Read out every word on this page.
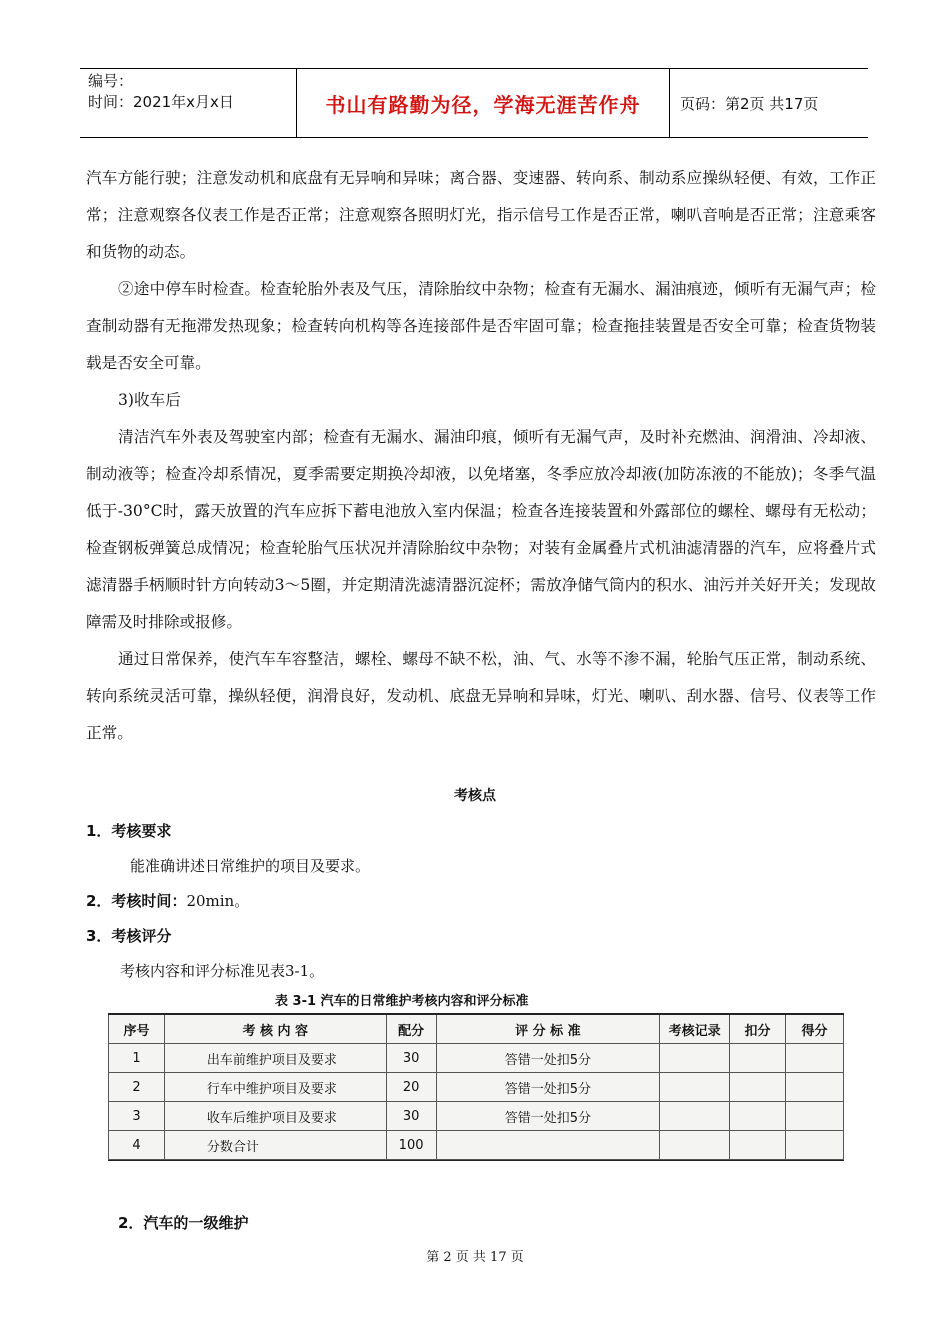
编号：
时间：2021年x月x日	书山有路勤为径，学海无涯苦作舟	页码：第2页 共17页

汽车方能行驶；注意发动机和底盘有无异响和异味；离合器、变速器、转向系、制动系应操纵轻便、有效，工作正常；注意观察各仪表工作是否正常；注意观察各照明灯光，指示信号工作是否正常，喇叭音响是否正常；注意乘客和货物的动态。

②途中停车时检查。检查轮胎外表及气压，清除胎纹中杂物；检查有无漏水、漏油痕迹，倾听有无漏气声；检查制动器有无拖滞发热现象；检查转向机构等各连接部件是否牢固可靠；检查拖挂装置是否安全可靠；检查货物装载是否安全可靠。

3)收车后

清洁汽车外表及驾驶室内部；检查有无漏水、漏油印痕，倾听有无漏气声，及时补充燃油、润滑油、冷却液、制动液等；检查冷却系情况，夏季需要定期换冷却液，以免堵塞，冬季应放冷却液(加防冻液的不能放)；冬季气温低于-30°C时，露天放置的汽车应拆下蓄电池放入室内保温；检查各连接装置和外露部位的螺栓、螺母有无松动；检查钢板弹簧总成情况；检查轮胎气压状况并清除胎纹中杂物；对装有金属叠片式机油滤清器的汽车，应将叠片式滤清器手柄顺时针方向转动3～5圈，并定期清洗滤清器沉淀杯；需放净储气筒内的积水、油污并关好开关；发现故障需及时排除或报修。

通过日常保养，使汽车车容整洁，螺栓、螺母不缺不松，油、气、水等不渗不漏，轮胎气压正常，制动系统、转向系统灵活可靠，操纵轻便，润滑良好，发动机、底盘无异响和异味，灯光、喇叭、刮水器、信号、仪表等工作正常。

考核点
1．考核要求
能准确讲述日常维护的项目及要求。
2．考核时间：20min。
3．考核评分
考核内容和评分标准见表3-1。
表 3-1 汽车的日常维护考核内容和评分标准
序号	考 核 内 容	配分	评 分 标 准	考核记录	扣分	得分
1	出车前维护项目及要求	30	答错一处扣5分			
2	行车中维护项目及要求	20	答错一处扣5分			
3	收车后维护项目及要求	30	答错一处扣5分			
4	分数合计	100				
2．汽车的一级维护
第 2 页 共 17 页
